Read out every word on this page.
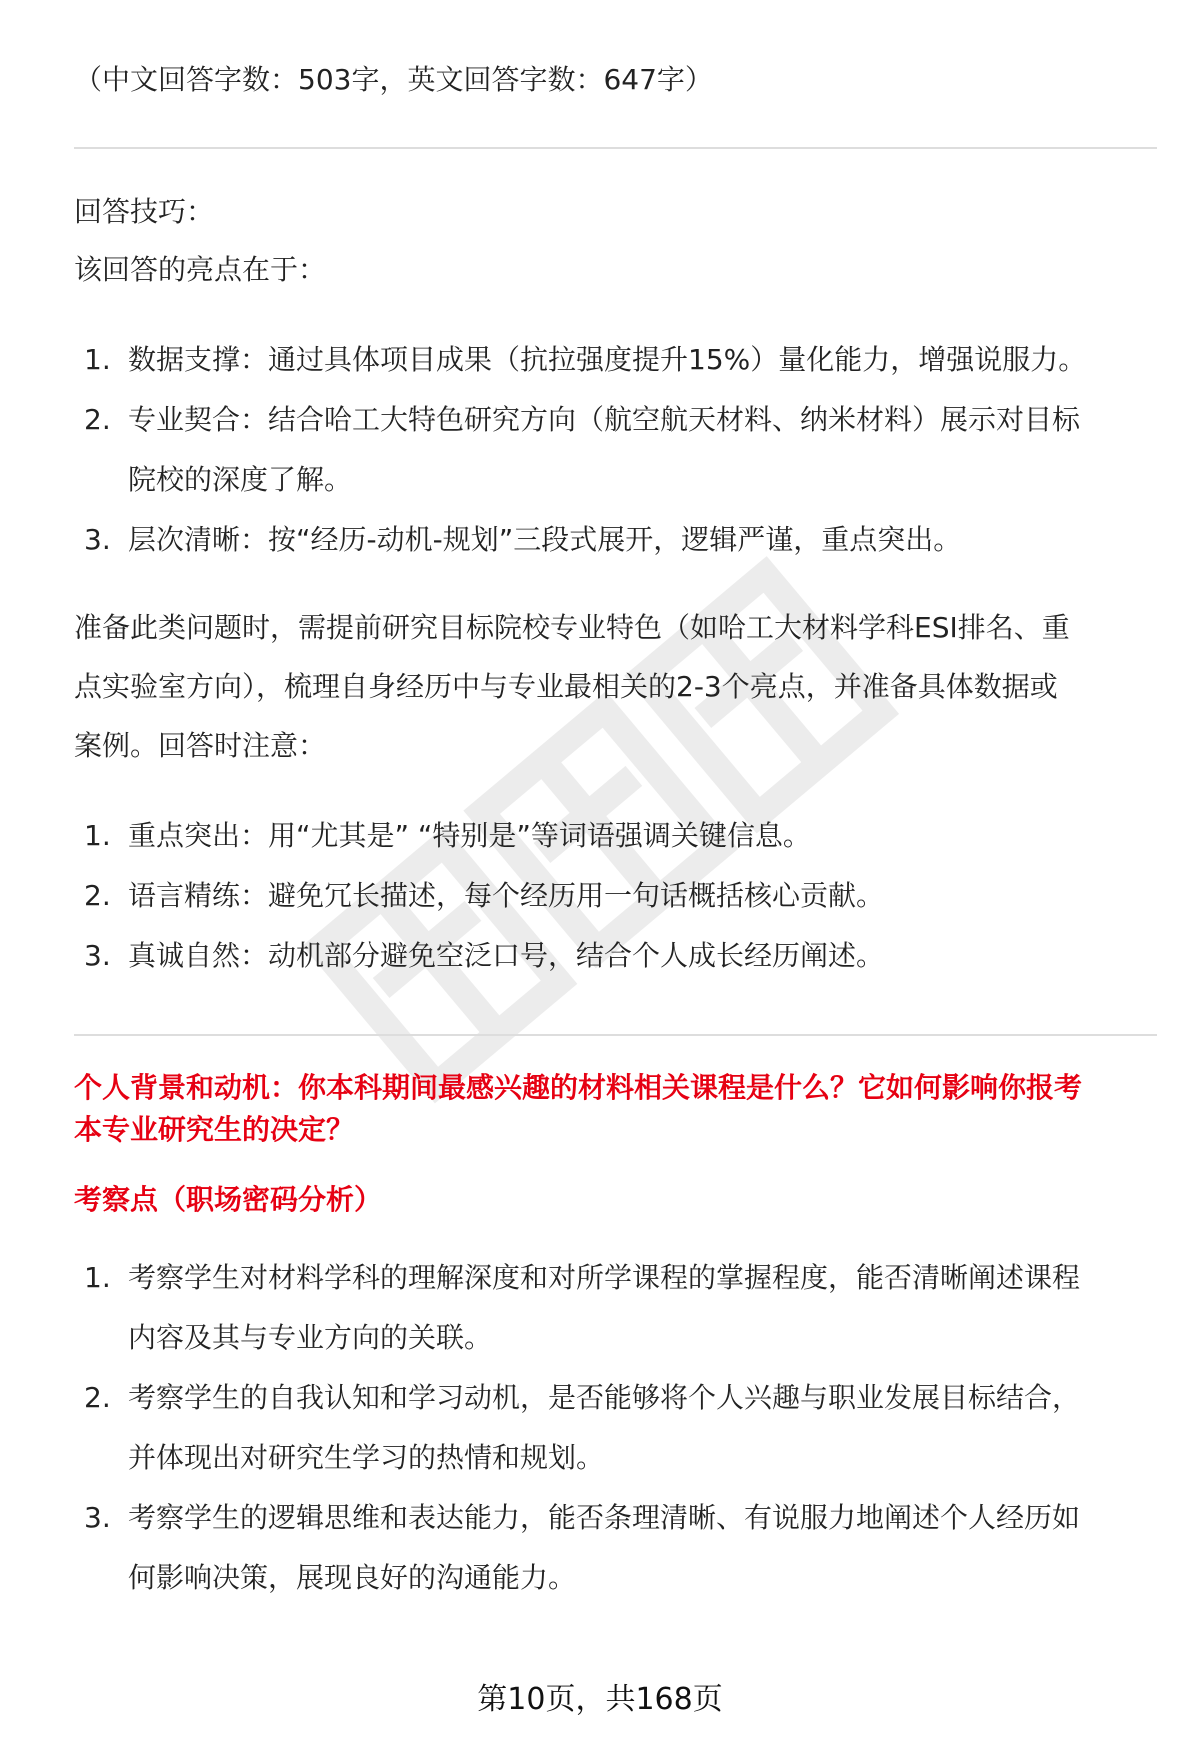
（中文回答字数：503字，英文回答字数：647字）
回答技巧：
该回答的亮点在于：
1. 数据支撑：通过具体项目成果（抗拉强度提升15%）量化能力，增强说服力。
2. 专业契合：结合哈工大特色研究方向（航空航天材料、纳米材料）展示对目标
院校的深度了解。
3. 层次清晰：按“经历-动机-规划”三段式展开，逻辑严谨，重点突出。
准备此类问题时，需提前研究目标院校专业特色（如哈工大材料学科ESI排名、重
点实验室方向），梳理自身经历中与专业最相关的2-3个亮点，并准备具体数据或
案例。回答时注意：
1. 重点突出：用“尤其是” “特别是”等词语强调关键信息。
2. 语言精练：避免冗长描述，每个经历用一句话概括核心贡献。
3. 真诚自然：动机部分避免空泛口号，结合个人成长经历阐述。
个人背景和动机：你本科期间最感兴趣的材料相关课程是什么？它如何影响你报考
本专业研究生的决定？
考察点（职场密码分析）
1. 考察学生对材料学科的理解深度和对所学课程的掌握程度，能否清晰阐述课程
内容及其与专业方向的关联。
2. 考察学生的自我认知和学习动机，是否能够将个人兴趣与职业发展目标结合，
并体现出对研究生学习的热情和规划。
3. 考察学生的逻辑思维和表达能力，能否条理清晰、有说服力地阐述个人经历如
何影响决策，展现良好的沟通能力。
第10页，共168页
